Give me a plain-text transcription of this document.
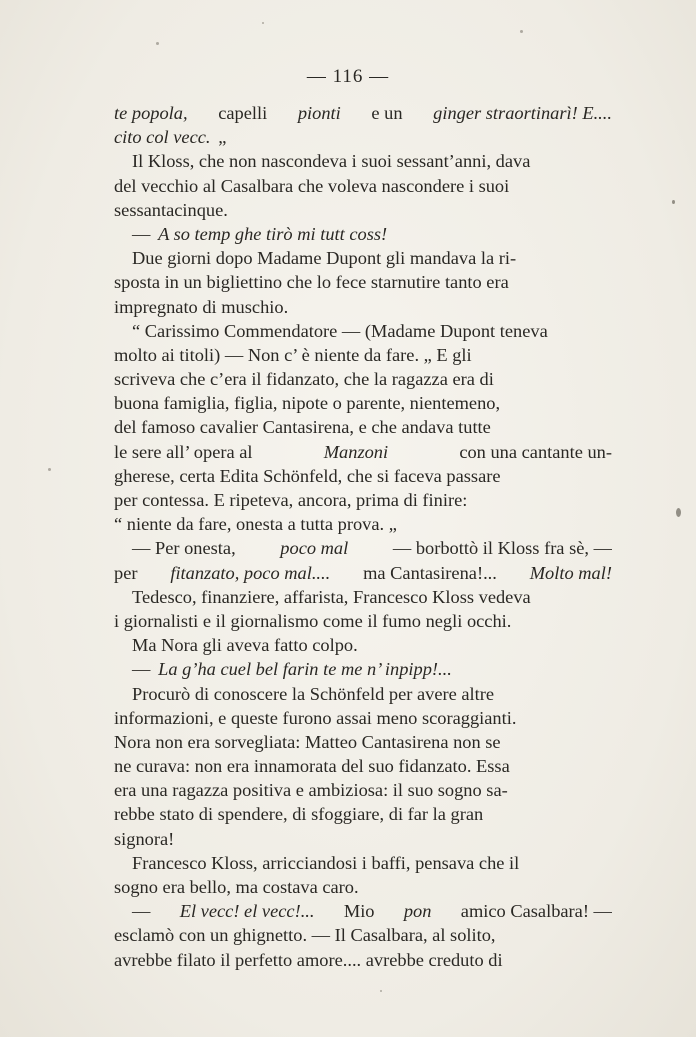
— 116 —
te popola, capelli pionti e un ginger straortinarì! E....
cito col vecc. „
Il Kloss, che non nascondeva i suoi sessant’anni, dava
del vecchio al Casalbara che voleva nascondere i suoi
sessantacinque.
— A so temp ghe tirò mi tutt coss!
Due giorni dopo Madame Dupont gli mandava la ri-
sposta in un bigliettino che lo fece starnutire tanto era
impregnato di muschio.
“ Carissimo Commendatore — (Madame Dupont teneva
molto ai titoli) — Non c’ è niente da fare. „ E gli
scriveva che c’era il fidanzato, che la ragazza era di
buona famiglia, figlia, nipote o parente, nientemeno,
del famoso cavalier Cantasirena, e che andava tutte
le sere all’ opera al	Manzoni	con una cantante un-
gherese, certa Edita Schönfeld, che si faceva passare
per contessa. E ripeteva, ancora, prima di finire:
“ niente da fare, onesta a tutta prova. „
— Per onesta, poco mal — borbottò il Kloss fra sè, —
per fitanzato, poco mal.... ma Cantasirena!... Molto mal!
Tedesco, finanziere, affarista, Francesco Kloss vedeva
i giornalisti e il giornalismo come il fumo negli occhi.
Ma Nora gli aveva fatto colpo.
— La g’ha cuel bel farin te me n’ inpipp!...
Procurò di conoscere la Schönfeld per avere altre
informazioni, e queste furono assai meno scoraggianti.
Nora non era sorvegliata: Matteo Cantasirena non se
ne curava: non era innamorata del suo fidanzato. Essa
era una ragazza positiva e ambiziosa: il suo sogno sa-
rebbe stato di spendere, di sfoggiare, di far la gran
signora!
Francesco Kloss, arricciandosi i baffi, pensava che il
sogno era bello, ma costava caro.
— El vecc! el vecc!... Mio pon amico Casalbara! —
esclamò con un ghignetto. — Il Casalbara, al solito,
avrebbe filato il perfetto amore.... avrebbe creduto di
